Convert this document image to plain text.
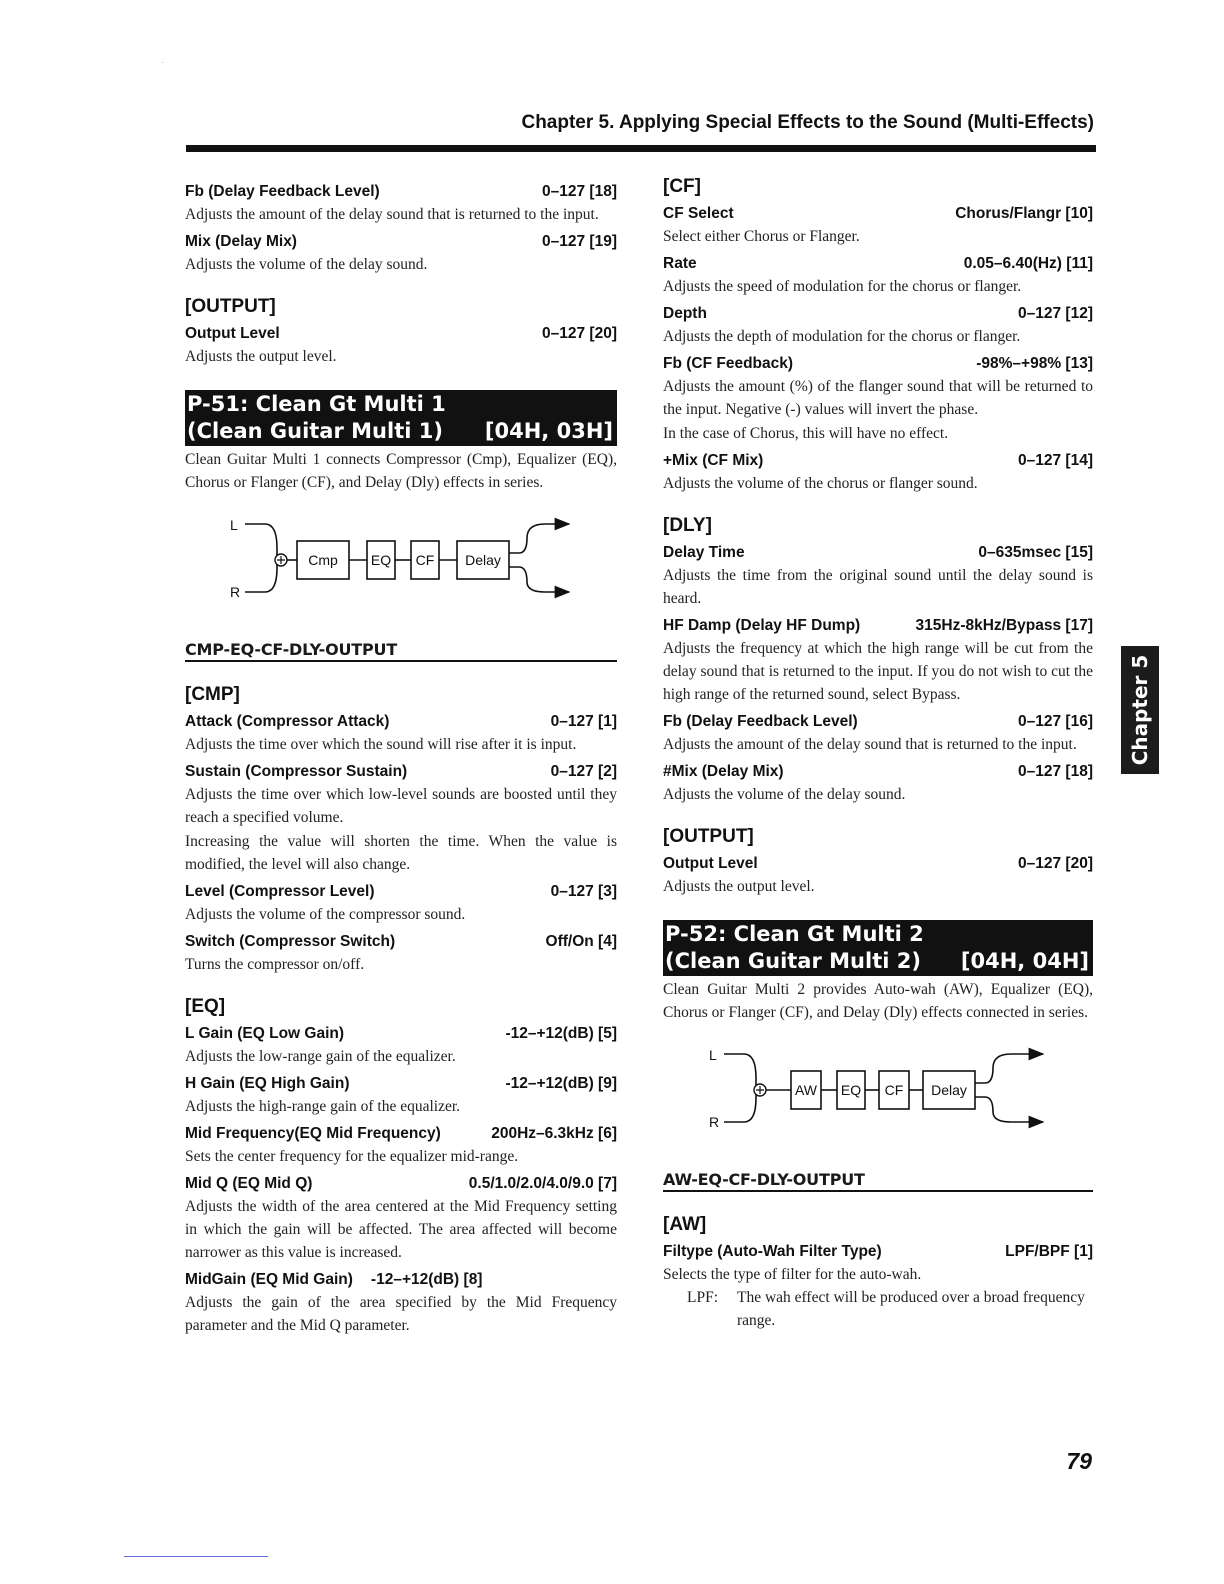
Chapter 5. Applying Special Effects to the Sound (Multi-Effects)
Fb (Delay Feedback Level)	0–127 [18]

Adjusts the amount of the delay sound that is returned to the input.

Mix (Delay Mix)	0–127 [19]

Adjusts the volume of the delay sound.

[OUTPUT]
Output Level	0–127 [20]

Adjusts the output level.

P-51: Clean Gt Multi 1
(Clean Guitar Multi 1) [04H, 03H]

Clean Guitar Multi 1 connects Compressor (Cmp), Equalizer (EQ), Chorus or Flanger (CF), and Delay (Dly) effects in series.

L
R
Cmp EQ CF Delay
CMP-EQ-CF-DLY-OUTPUT
[CMP]
Attack (Compressor Attack)	0–127 [1]

Adjusts the time over which the sound will rise after it is input.

Sustain (Compressor Sustain)	0–127 [2]

Adjusts the time over which low-level sounds are boosted until they reach a specified volume.

Increasing the value will shorten the time. When the value is modified, the level will also change.

Level (Compressor Level)	0–127 [3]

Adjusts the volume of the compressor sound.

Switch (Compressor Switch)	Off/On [4]

Turns the compressor on/off.

[EQ]
L Gain (EQ Low Gain)	-12–+12(dB) [5]

Adjusts the low-range gain of the equalizer.

H Gain (EQ High Gain)	-12–+12(dB) [9]

Adjusts the high-range gain of the equalizer.

Mid Frequency(EQ Mid Frequency)	200Hz–6.3kHz [6]

Sets the center frequency for the equalizer mid-range.

Mid Q (EQ Mid Q)	0.5/1.0/2.0/4.0/9.0 [7]

Adjusts the width of the area centered at the Mid Frequency setting in which the gain will be affected. The area affected will become narrower as this value is increased.

MidGain (EQ Mid Gain) -12–+12(dB) [8]

Adjusts the gain of the area specified by the Mid Frequency parameter and the Mid Q parameter.

[CF]
CF Select	Chorus/Flangr [10]

Select either Chorus or Flanger.

Rate	0.05–6.40(Hz) [11]

Adjusts the speed of modulation for the chorus or flanger.

Depth	0–127 [12]

Adjusts the depth of modulation for the chorus or flanger.

Fb (CF Feedback)	-98%–+98% [13]

Adjusts the amount (%) of the flanger sound that will be returned to the input. Negative (-) values will invert the phase.

In the case of Chorus, this will have no effect.

+Mix (CF Mix)	0–127 [14]

Adjusts the volume of the chorus or flanger sound.

[DLY]
Delay Time	0–635msec [15]

Adjusts the time from the original sound until the delay sound is heard.

HF Damp (Delay HF Dump)	315Hz-8kHz/Bypass [17]

Adjusts the frequency at which the high range will be cut from the delay sound that is returned to the input. If you do not wish to cut the high range of the returned sound, select Bypass.

Fb (Delay Feedback Level)	0–127 [16]

Adjusts the amount of the delay sound that is returned to the input.

#Mix (Delay Mix)	0–127 [18]

Adjusts the volume of the delay sound.

[OUTPUT]
Output Level	0–127 [20]

Adjusts the output level.

P-52: Clean Gt Multi 2
(Clean Guitar Multi 2) [04H, 04H]

Clean Guitar Multi 2 provides Auto-wah (AW), Equalizer (EQ), Chorus or Flanger (CF), and Delay (Dly) effects connected in series.

L
R
AW EQ CF Delay
AW-EQ-CF-DLY-OUTPUT
[AW]
Filtype (Auto-Wah Filter Type)	LPF/BPF [1]

Selects the type of filter for the auto-wah.

LPF:	The wah effect will be produced over a broad frequency range.
Chapter 5
79
